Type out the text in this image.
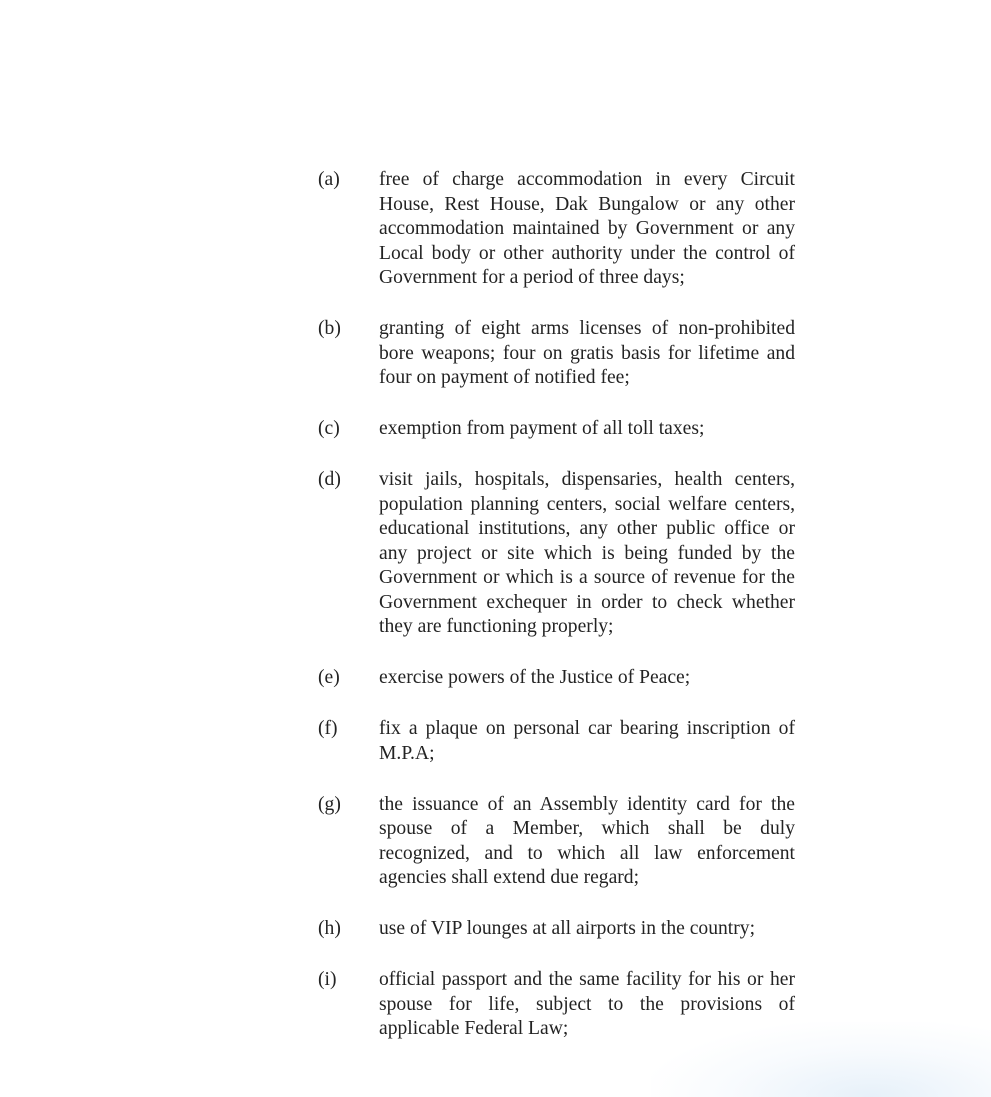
(a)	free of charge accommodation in every Circuit
House, Rest House, Dak Bungalow or any other
accommodation maintained by Government or any
Local body or other authority under the control of
Government for a period of three days;
(b)	granting of eight arms licenses of non-prohibited
bore weapons; four on gratis basis for lifetime and
four on payment of notified fee;
(c)	exemption from payment of all toll taxes;
(d)	visit jails, hospitals, dispensaries, health centers,
population planning centers, social welfare centers,
educational institutions, any other public office or
any project or site which is being funded by the
Government or which is a source of revenue for the
Government exchequer in order to check whether
they are functioning properly;
(e)	exercise powers of the Justice of Peace;
(f)	fix a plaque on personal car bearing inscription of
M.P.A;
(g)	the issuance of an Assembly identity card for the
spouse of a Member, which shall be duly
recognized, and to which all law enforcement
agencies shall extend due regard;
(h)	use of VIP lounges at all airports in the country;
(i)	official passport and the same facility for his or her
spouse for life, subject to the provisions of
applicable Federal Law;
